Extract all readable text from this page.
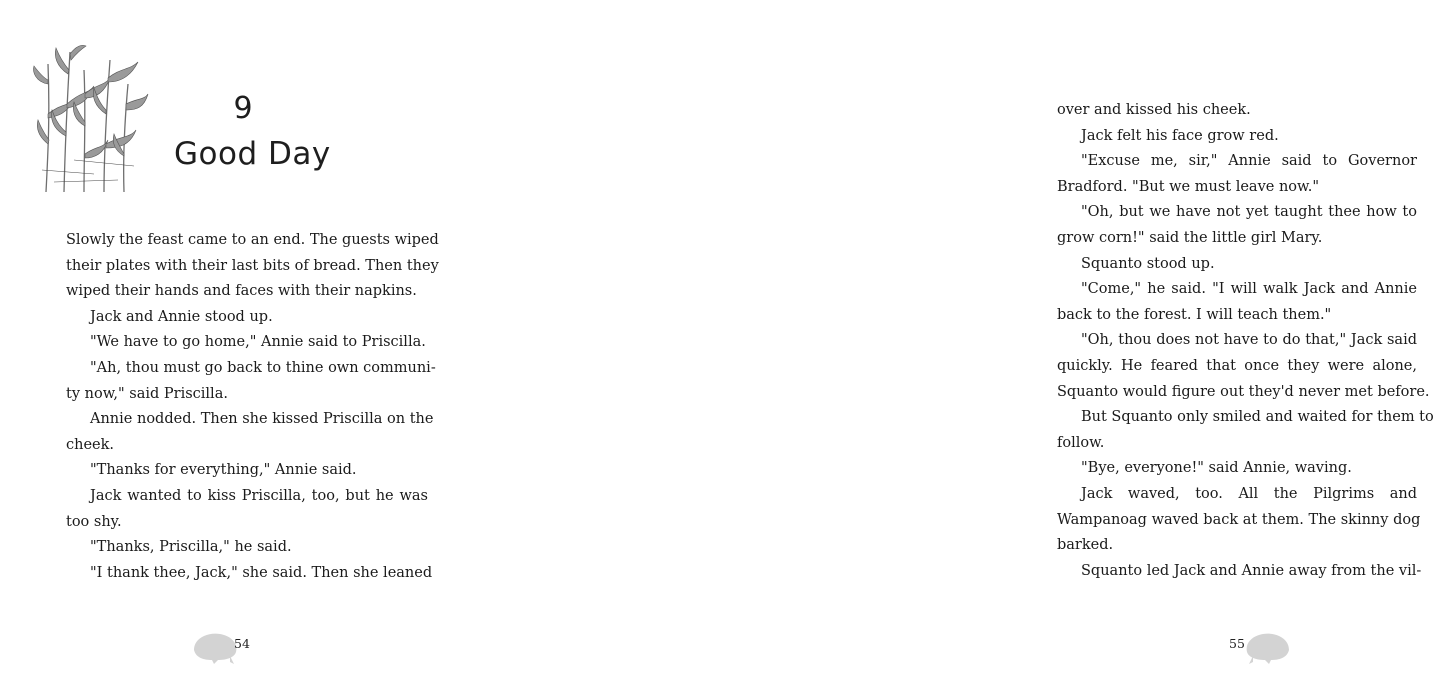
9
Good Day
Slowly the feast came to an end. The guests wiped
their plates with their last bits of bread. Then they
wiped their hands and faces with their napkins.
Jack and Annie stood up.
"We have to go home," Annie said to Priscilla.
"Ah, thou must go back to thine own communi-
ty now," said Priscilla.
Annie nodded. Then she kissed Priscilla on the
cheek.
"Thanks for everything," Annie said.
Jack wanted to kiss Priscilla, too, but he was
too shy.
"Thanks, Priscilla," he said.
"I thank thee, Jack," she said. Then she leaned
54
over and kissed his cheek.
Jack felt his face grow red.
"Excuse me, sir," Annie said to Governor
Bradford. "But we must leave now."
"Oh, but we have not yet taught thee how to
grow corn!" said the little girl Mary.
Squanto stood up.
"Come," he said. "I will walk Jack and Annie
back to the forest. I will teach them."
"Oh, thou does not have to do that," Jack said
quickly. He feared that once they were alone,
Squanto would figure out they'd never met before.
But Squanto only smiled and waited for them to
follow.
"Bye, everyone!" said Annie, waving.
Jack waved, too. All the Pilgrims and
Wampanoag waved back at them. The skinny dog
barked.
Squanto led Jack and Annie away from the vil-
55
